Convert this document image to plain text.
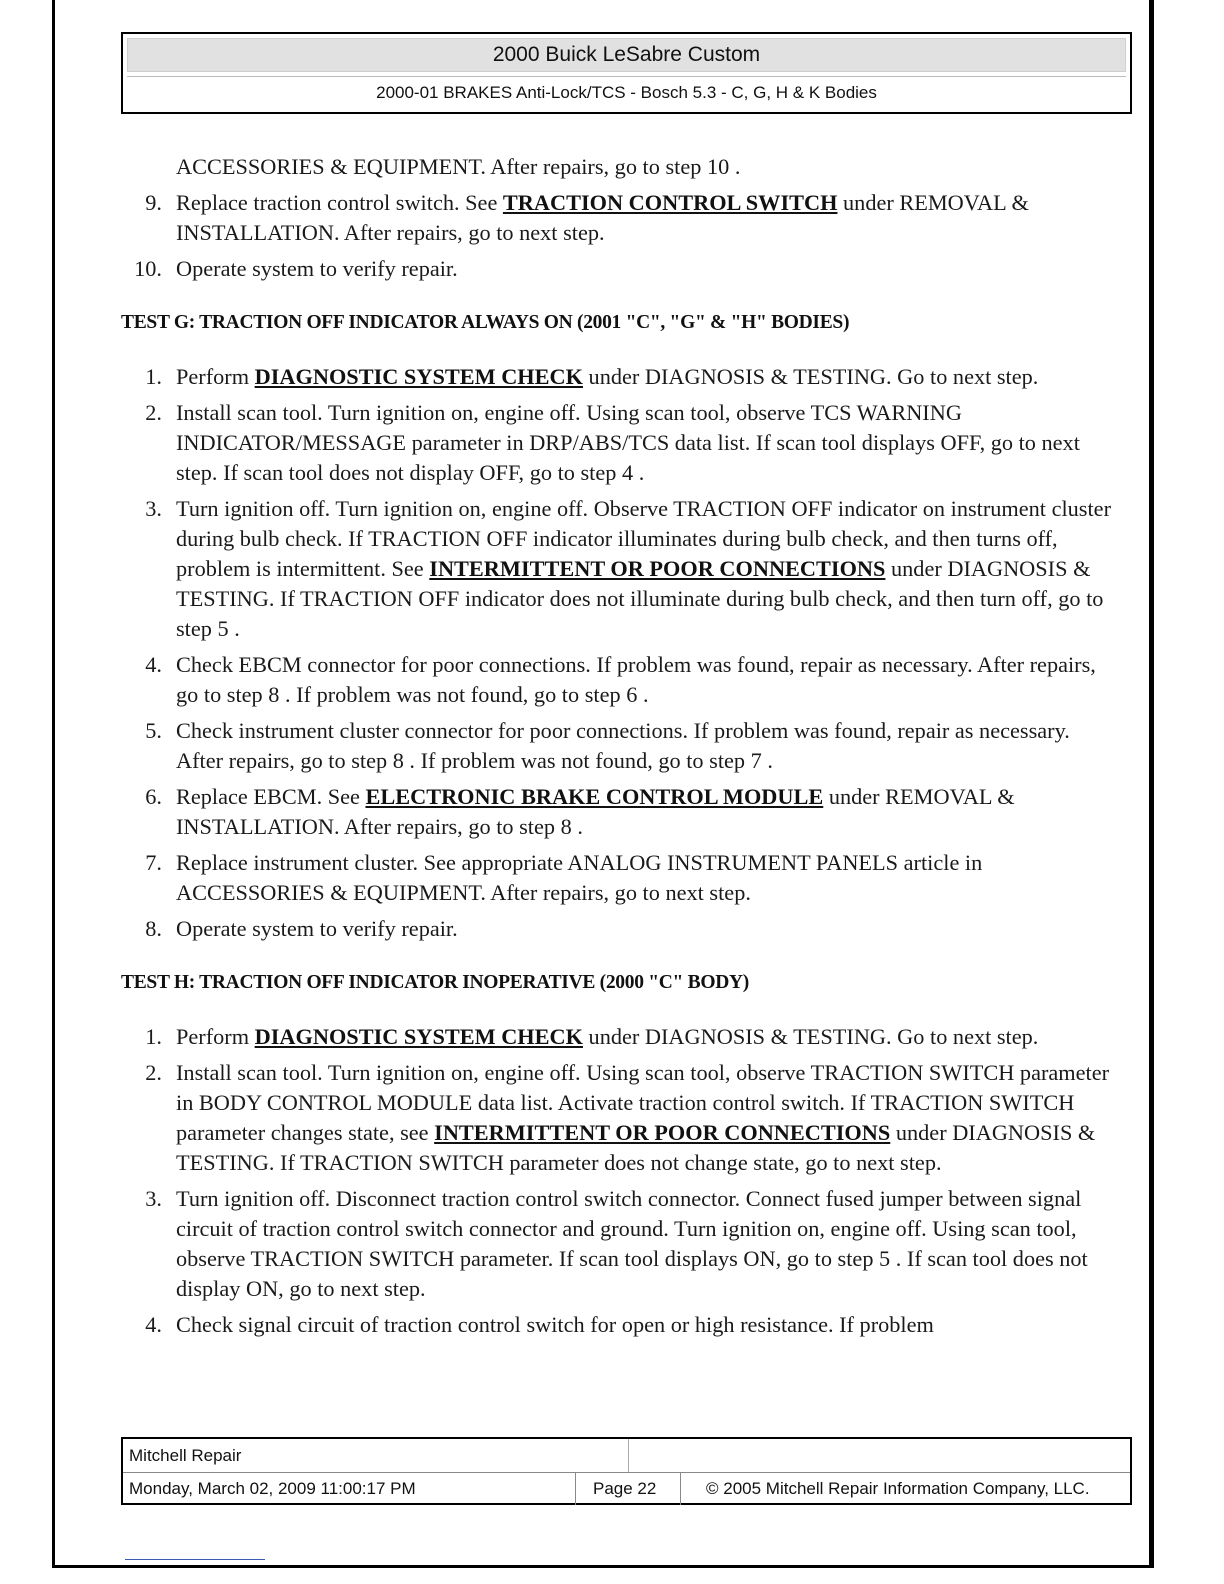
2000 Buick LeSabre Custom
2000-01 BRAKES Anti-Lock/TCS - Bosch 5.3 - C, G, H & K Bodies

ACCESSORIES & EQUIPMENT. After repairs, go to step 10 .

9. Replace traction control switch. See TRACTION CONTROL SWITCH under REMOVAL & INSTALLATION. After repairs, go to next step.
10. Operate system to verify repair.
TEST G: TRACTION OFF INDICATOR ALWAYS ON (2001 "C", "G" & "H" BODIES)
1. Perform DIAGNOSTIC SYSTEM CHECK under DIAGNOSIS & TESTING. Go to next step.
2. Install scan tool. Turn ignition on, engine off. Using scan tool, observe TCS WARNING INDICATOR/MESSAGE parameter in DRP/ABS/TCS data list. If scan tool displays OFF, go to next step. If scan tool does not display OFF, go to step 4 .
3. Turn ignition off. Turn ignition on, engine off. Observe TRACTION OFF indicator on instrument cluster during bulb check. If TRACTION OFF indicator illuminates during bulb check, and then turns off, problem is intermittent. See INTERMITTENT OR POOR CONNECTIONS under DIAGNOSIS & TESTING. If TRACTION OFF indicator does not illuminate during bulb check, and then turn off, go to step 5 .
4. Check EBCM connector for poor connections. If problem was found, repair as necessary. After repairs, go to step 8 . If problem was not found, go to step 6 .
5. Check instrument cluster connector for poor connections. If problem was found, repair as necessary. After repairs, go to step 8 . If problem was not found, go to step 7 .
6. Replace EBCM. See ELECTRONIC BRAKE CONTROL MODULE under REMOVAL & INSTALLATION. After repairs, go to step 8 .
7. Replace instrument cluster. See appropriate ANALOG INSTRUMENT PANELS article in ACCESSORIES & EQUIPMENT. After repairs, go to next step.
8. Operate system to verify repair.
TEST H: TRACTION OFF INDICATOR INOPERATIVE (2000 "C" BODY)
1. Perform DIAGNOSTIC SYSTEM CHECK under DIAGNOSIS & TESTING. Go to next step.
2. Install scan tool. Turn ignition on, engine off. Using scan tool, observe TRACTION SWITCH parameter in BODY CONTROL MODULE data list. Activate traction control switch. If TRACTION SWITCH parameter changes state, see INTERMITTENT OR POOR CONNECTIONS under DIAGNOSIS & TESTING. If TRACTION SWITCH parameter does not change state, go to next step.
3. Turn ignition off. Disconnect traction control switch connector. Connect fused jumper between signal circuit of traction control switch connector and ground. Turn ignition on, engine off. Using scan tool, observe TRACTION SWITCH parameter. If scan tool displays ON, go to step 5 . If scan tool does not display ON, go to next step.
4. Check signal circuit of traction control switch for open or high resistance. If problem
Mitchell Repair
Monday, March 02, 2009 11:00:17 PM	Page 22	© 2005 Mitchell Repair Information Company, LLC.
